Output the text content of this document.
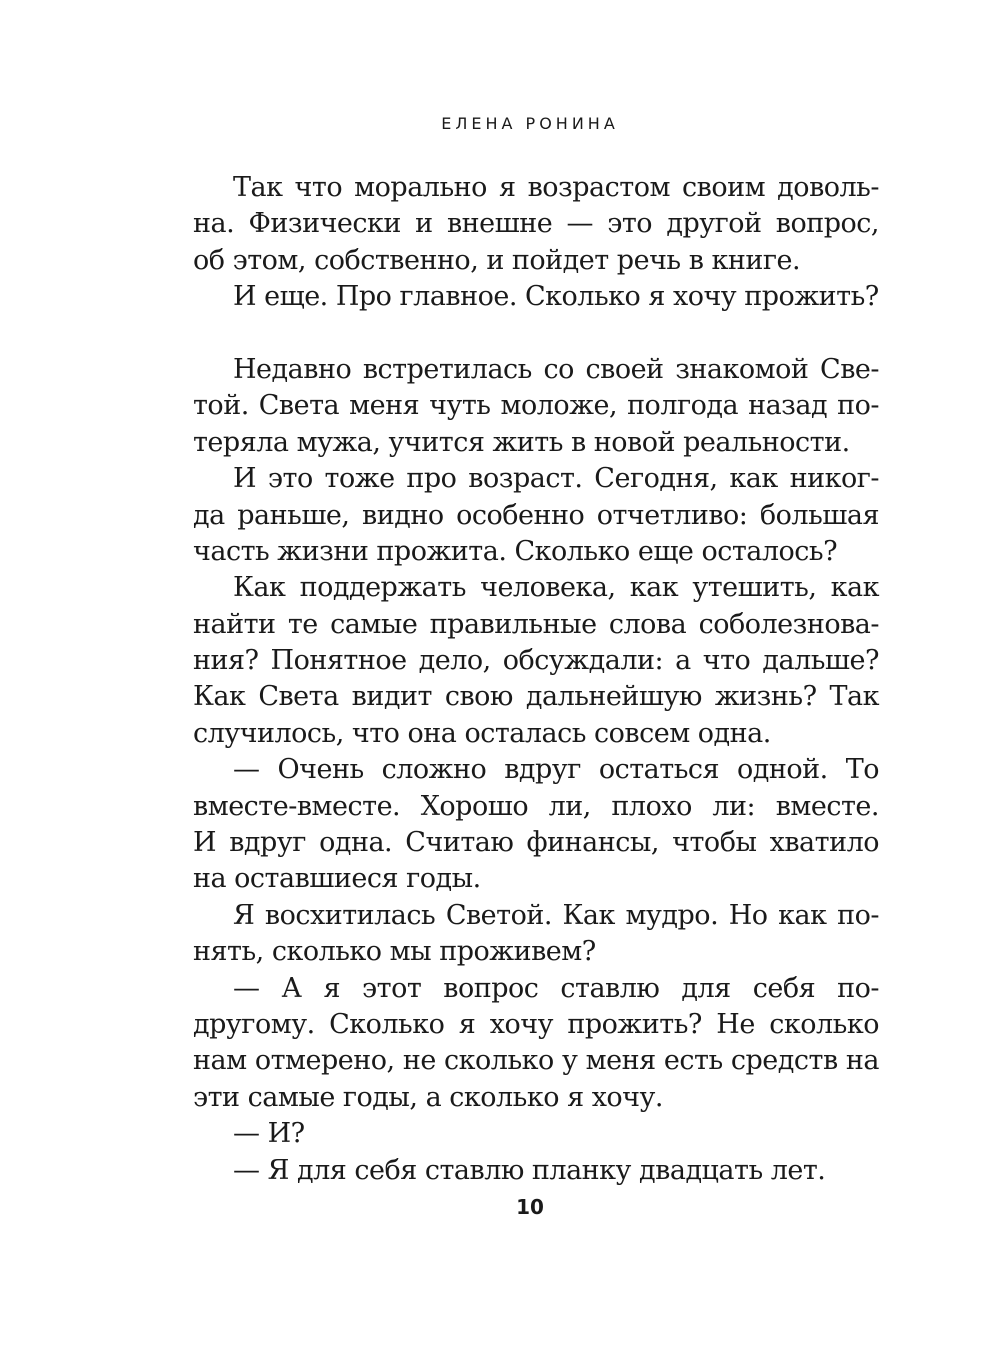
ЕЛЕНА РОНИНА
Так что морально я возрастом своим доволь-
на. Физически и внешне — это другой вопрос,
об этом, собственно, и пойдет речь в книге.
И еще. Про главное. Сколько я хочу прожить?
Недавно встретилась со своей знакомой Све-
той. Света меня чуть моложе, полгода назад по-
теряла мужа, учится жить в новой реальности.
И это тоже про возраст. Сегодня, как никог-
да раньше, видно особенно отчетливо: большая
часть жизни прожита. Сколько еще осталось?
Как поддержать человека, как утешить, как
найти те самые правильные слова соболезнова-
ния? Понятное дело, обсуждали: а что дальше?
Как Света видит свою дальнейшую жизнь? Так
случилось, что она осталась совсем одна.
— Очень сложно вдруг остаться одной. То
вместе-вместе. Хорошо ли, плохо ли: вместе.
И вдруг одна. Считаю финансы, чтобы хватило
на оставшиеся годы.
Я восхитилась Светой. Как мудро. Но как по-
нять, сколько мы проживем?
— А я этот вопрос ставлю для себя по-
другому. Сколько я хочу прожить? Не сколько
нам отмерено, не сколько у меня есть средств на
эти самые годы, а сколько я хочу.
— И?
— Я для себя ставлю планку двадцать лет.
10
